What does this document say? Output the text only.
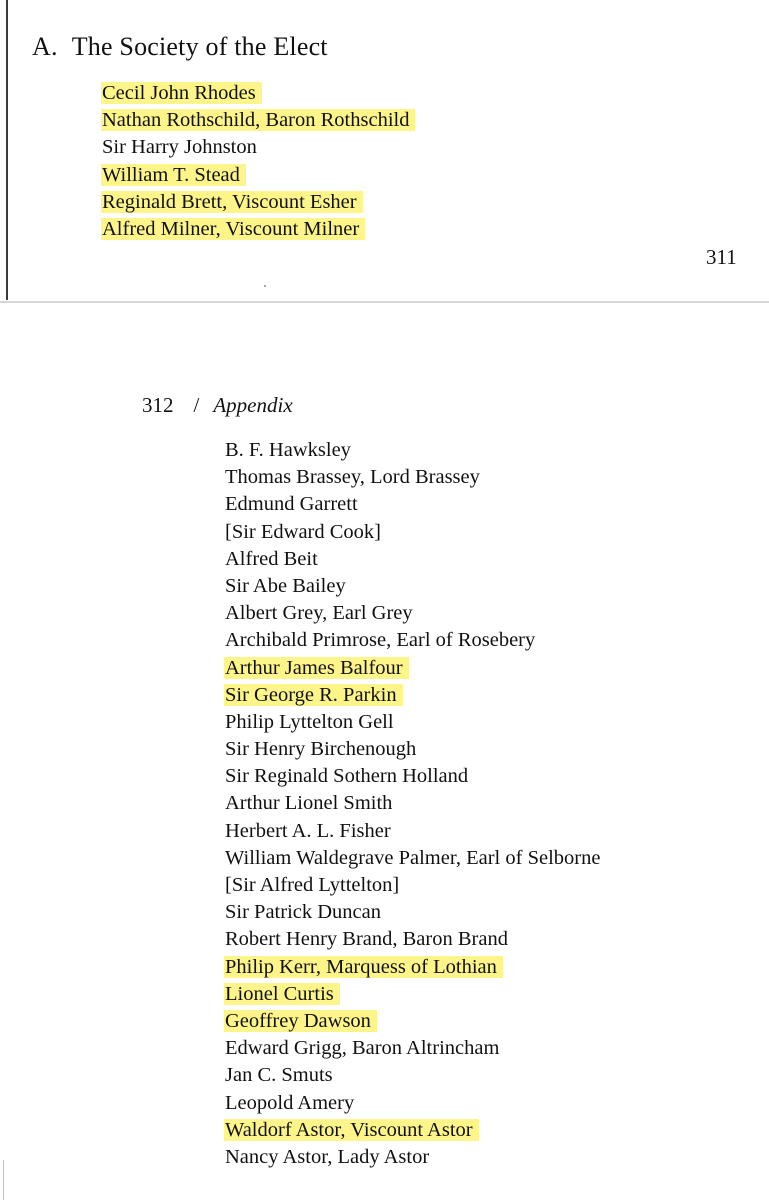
A. The Society of the Elect
Cecil John Rhodes
Nathan Rothschild, Baron Rothschild
Sir Harry Johnston
William T. Stead
Reginald Brett, Viscount Esher
Alfred Milner, Viscount Milner
311
312 / Appendix
B. F. Hawksley
Thomas Brassey, Lord Brassey
Edmund Garrett
[Sir Edward Cook]
Alfred Beit
Sir Abe Bailey
Albert Grey, Earl Grey
Archibald Primrose, Earl of Rosebery
Arthur James Balfour
Sir George R. Parkin
Philip Lyttelton Gell
Sir Henry Birchenough
Sir Reginald Sothern Holland
Arthur Lionel Smith
Herbert A. L. Fisher
William Waldegrave Palmer, Earl of Selborne
[Sir Alfred Lyttelton]
Sir Patrick Duncan
Robert Henry Brand, Baron Brand
Philip Kerr, Marquess of Lothian
Lionel Curtis
Geoffrey Dawson
Edward Grigg, Baron Altrincham
Jan C. Smuts
Leopold Amery
Waldorf Astor, Viscount Astor
Nancy Astor, Lady Astor
